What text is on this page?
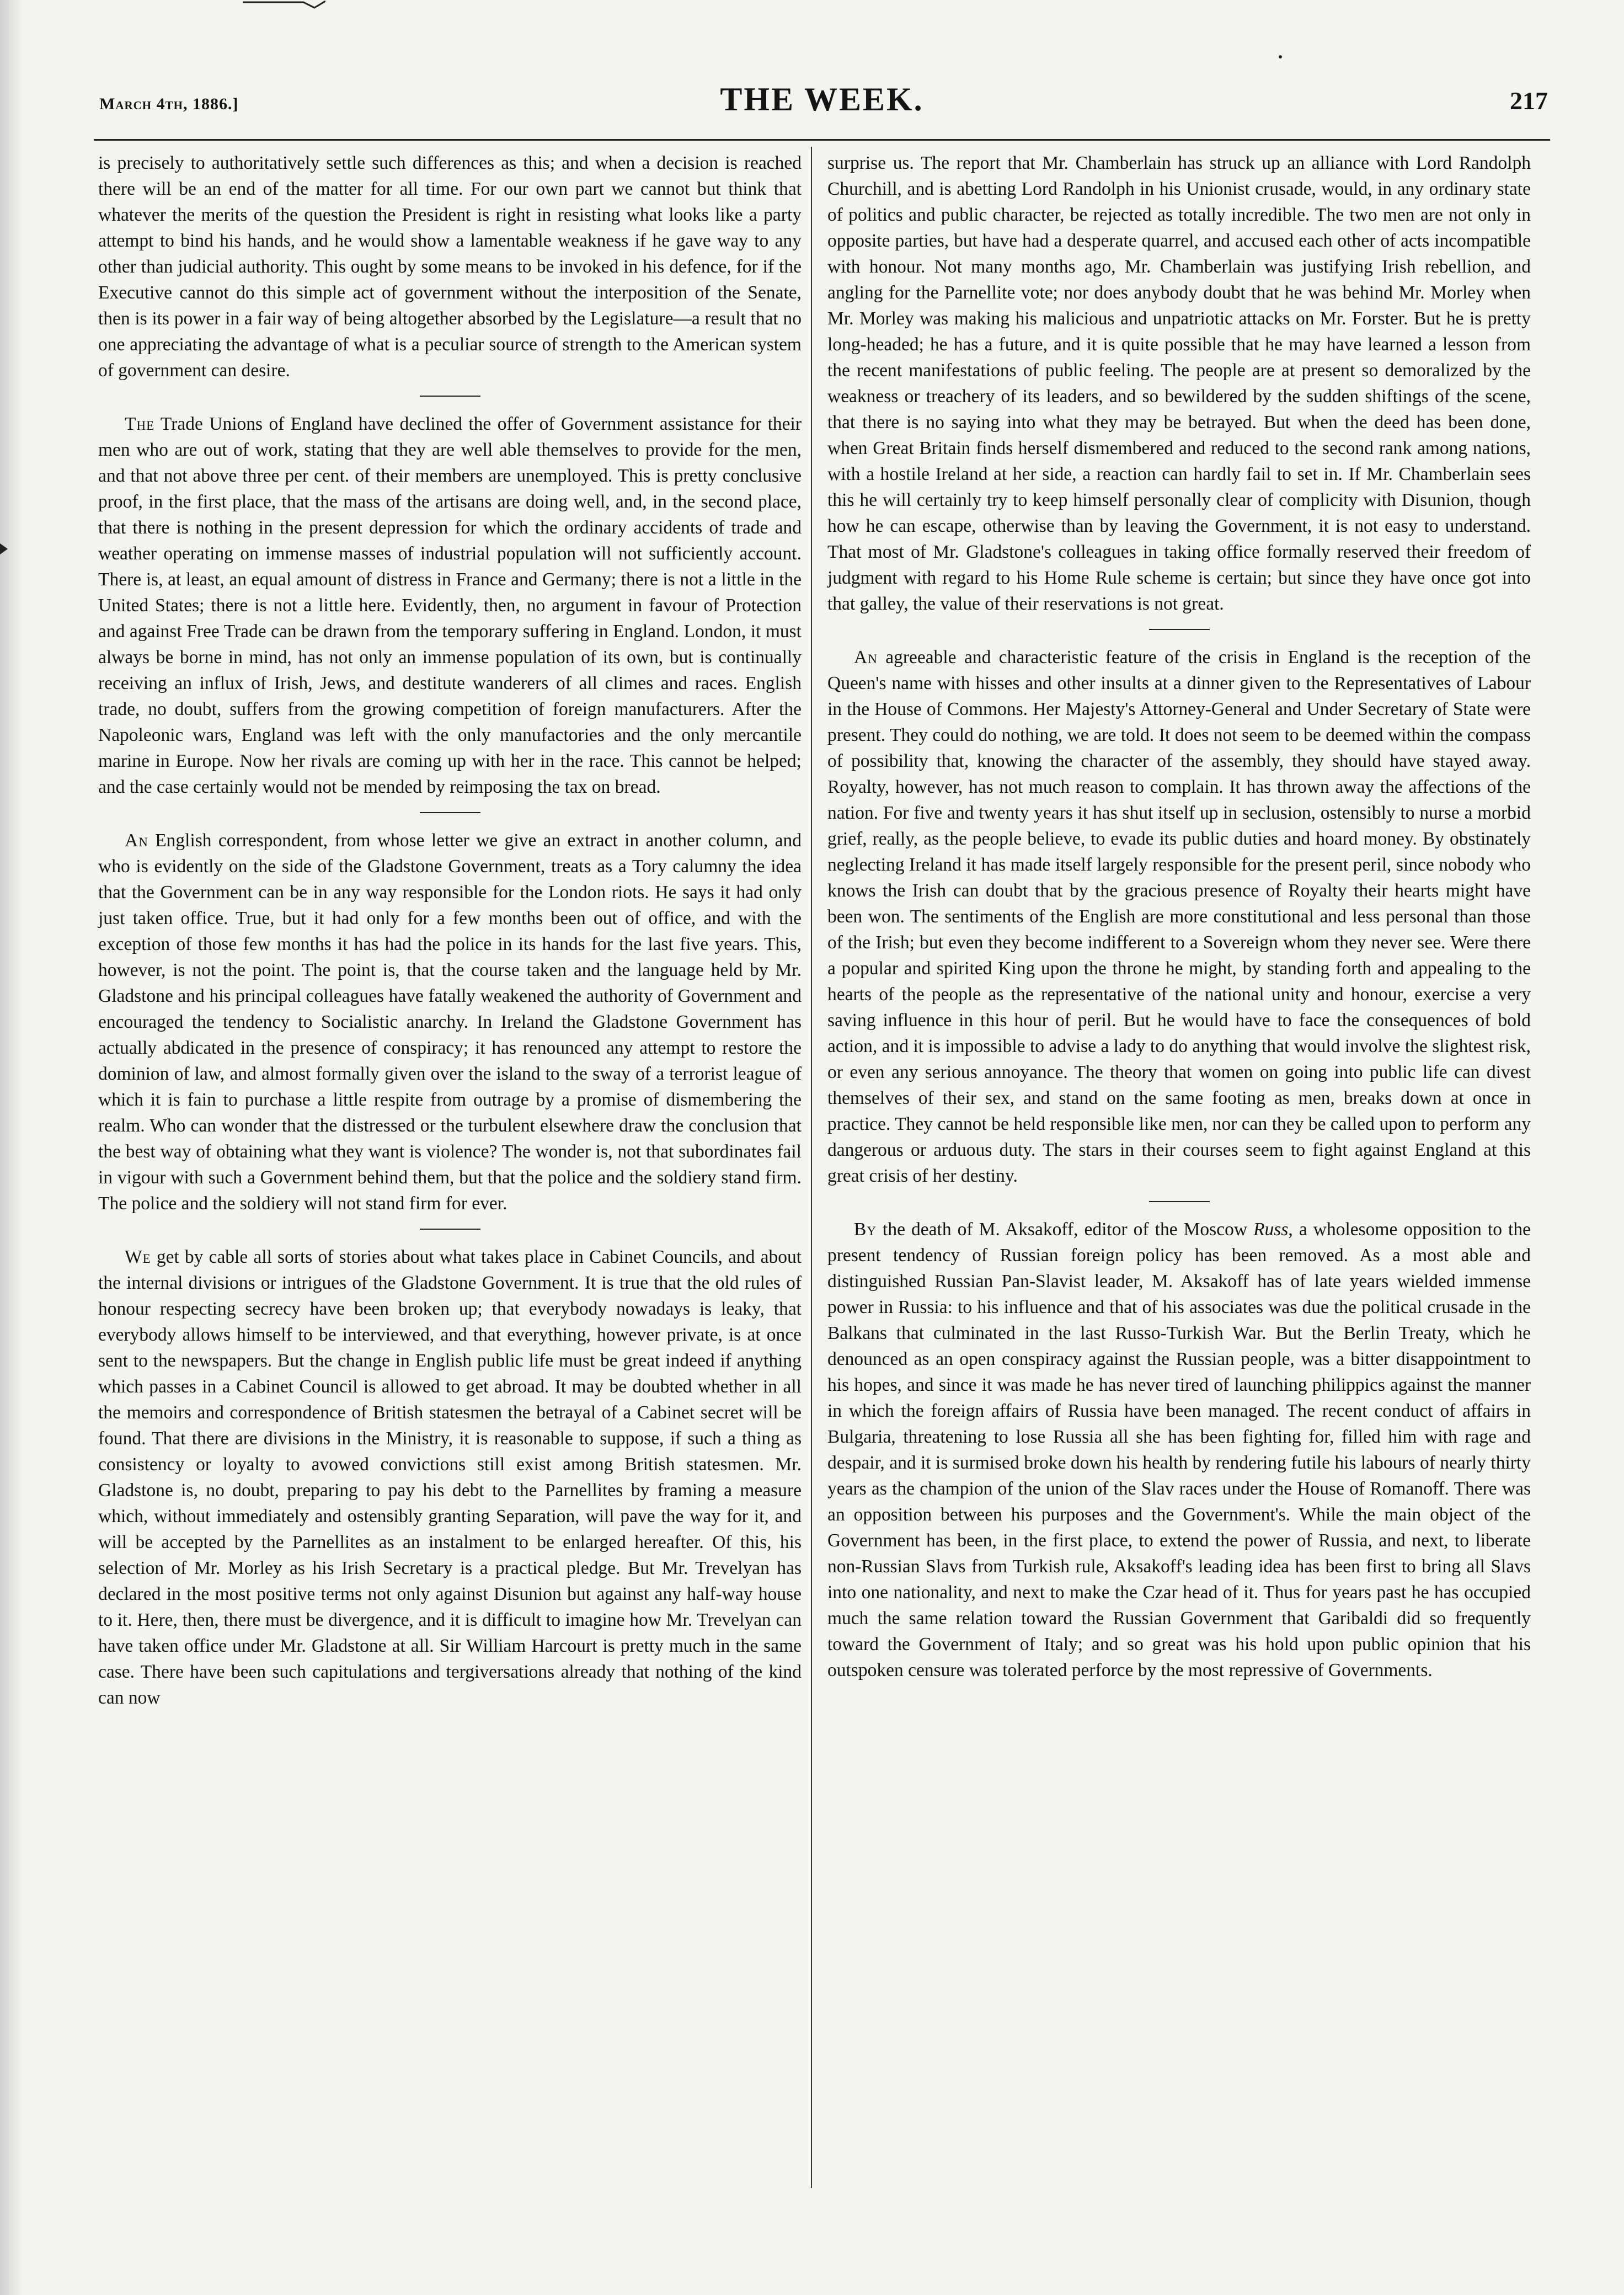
March 4th, 1886.]	THE WEEK.	217

is precisely to authoritatively settle such differences as this; and when a decision is reached there will be an end of the matter for all time. For our own part we cannot but think that whatever the merits of the question the President is right in resisting what looks like a party attempt to bind his hands, and he would show a lamentable weakness if he gave way to any other than judicial authority. This ought by some means to be invoked in his defence, for if the Executive cannot do this simple act of government without the interposition of the Senate, then is its power in a fair way of being altogether absorbed by the Legislature—a result that no one appreciating the advantage of what is a peculiar source of strength to the American system of government can desire.

The Trade Unions of England have declined the offer of Government assistance for their men who are out of work, stating that they are well able themselves to provide for the men, and that not above three per cent. of their members are unemployed. This is pretty conclusive proof, in the first place, that the mass of the artisans are doing well, and, in the second place, that there is nothing in the present depression for which the ordinary accidents of trade and weather operating on immense masses of industrial population will not sufficiently account. There is, at least, an equal amount of distress in France and Germany; there is not a little in the United States; there is not a little here. Evidently, then, no argument in favour of Protection and against Free Trade can be drawn from the temporary suffering in England. London, it must always be borne in mind, has not only an immense population of its own, but is continually receiving an influx of Irish, Jews, and destitute wanderers of all climes and races. English trade, no doubt, suffers from the growing competition of foreign manufacturers. After the Napoleonic wars, England was left with the only manufactories and the only mercantile marine in Europe. Now her rivals are coming up with her in the race. This cannot be helped; and the case certainly would not be mended by reimposing the tax on bread.

An English correspondent, from whose letter we give an extract in another column, and who is evidently on the side of the Gladstone Government, treats as a Tory calumny the idea that the Government can be in any way responsible for the London riots. He says it had only just taken office. True, but it had only for a few months been out of office, and with the exception of those few months it has had the police in its hands for the last five years. This, however, is not the point. The point is, that the course taken and the language held by Mr. Gladstone and his principal colleagues have fatally weakened the authority of Government and encouraged the tendency to Socialistic anarchy. In Ireland the Gladstone Government has actually abdicated in the presence of conspiracy; it has renounced any attempt to restore the dominion of law, and almost formally given over the island to the sway of a terrorist league of which it is fain to purchase a little respite from outrage by a promise of dismembering the realm. Who can wonder that the distressed or the turbulent elsewhere draw the conclusion that the best way of obtaining what they want is violence? The wonder is, not that subordinates fail in vigour with such a Government behind them, but that the police and the soldiery stand firm. The police and the soldiery will not stand firm for ever.

We get by cable all sorts of stories about what takes place in Cabinet Councils, and about the internal divisions or intrigues of the Gladstone Government. It is true that the old rules of honour respecting secrecy have been broken up; that everybody nowadays is leaky, that everybody allows himself to be interviewed, and that everything, however private, is at once sent to the newspapers. But the change in English public life must be great indeed if anything which passes in a Cabinet Council is allowed to get abroad. It may be doubted whether in all the memoirs and correspondence of British statesmen the betrayal of a Cabinet secret will be found. That there are divisions in the Ministry, it is reasonable to suppose, if such a thing as consistency or loyalty to avowed convictions still exist among British statesmen. Mr. Gladstone is, no doubt, preparing to pay his debt to the Parnellites by framing a measure which, without immediately and ostensibly granting Separation, will pave the way for it, and will be accepted by the Parnellites as an instalment to be enlarged hereafter. Of this, his selection of Mr. Morley as his Irish Secretary is a practical pledge. But Mr. Trevelyan has declared in the most positive terms not only against Disunion but against any half-way house to it. Here, then, there must be divergence, and it is difficult to imagine how Mr. Trevelyan can have taken office under Mr. Gladstone at all. Sir William Harcourt is pretty much in the same case. There have been such capitulations and tergiversations already that nothing of the kind can now

surprise us. The report that Mr. Chamberlain has struck up an alliance with Lord Randolph Churchill, and is abetting Lord Randolph in his Unionist crusade, would, in any ordinary state of politics and public character, be rejected as totally incredible. The two men are not only in opposite parties, but have had a desperate quarrel, and accused each other of acts incompatible with honour. Not many months ago, Mr. Chamberlain was justifying Irish rebellion, and angling for the Parnellite vote; nor does anybody doubt that he was behind Mr. Morley when Mr. Morley was making his malicious and unpatriotic attacks on Mr. Forster. But he is pretty long-headed; he has a future, and it is quite possible that he may have learned a lesson from the recent manifestations of public feeling. The people are at present so demoralized by the weakness or treachery of its leaders, and so bewildered by the sudden shiftings of the scene, that there is no saying into what they may be betrayed. But when the deed has been done, when Great Britain finds herself dismembered and reduced to the second rank among nations, with a hostile Ireland at her side, a reaction can hardly fail to set in. If Mr. Chamberlain sees this he will certainly try to keep himself personally clear of complicity with Disunion, though how he can escape, otherwise than by leaving the Government, it is not easy to understand. That most of Mr. Gladstone's colleagues in taking office formally reserved their freedom of judgment with regard to his Home Rule scheme is certain; but since they have once got into that galley, the value of their reservations is not great.

An agreeable and characteristic feature of the crisis in England is the reception of the Queen's name with hisses and other insults at a dinner given to the Representatives of Labour in the House of Commons. Her Majesty's Attorney-General and Under Secretary of State were present. They could do nothing, we are told. It does not seem to be deemed within the compass of possibility that, knowing the character of the assembly, they should have stayed away. Royalty, however, has not much reason to complain. It has thrown away the affections of the nation. For five and twenty years it has shut itself up in seclusion, ostensibly to nurse a morbid grief, really, as the people believe, to evade its public duties and hoard money. By obstinately neglecting Ireland it has made itself largely responsible for the present peril, since nobody who knows the Irish can doubt that by the gracious presence of Royalty their hearts might have been won. The sentiments of the English are more constitutional and less personal than those of the Irish; but even they become indifferent to a Sovereign whom they never see. Were there a popular and spirited King upon the throne he might, by standing forth and appealing to the hearts of the people as the representative of the national unity and honour, exercise a very saving influence in this hour of peril. But he would have to face the consequences of bold action, and it is impossible to advise a lady to do anything that would involve the slightest risk, or even any serious annoyance. The theory that women on going into public life can divest themselves of their sex, and stand on the same footing as men, breaks down at once in practice. They cannot be held responsible like men, nor can they be called upon to perform any dangerous or arduous duty. The stars in their courses seem to fight against England at this great crisis of her destiny.

By the death of M. Aksakoff, editor of the Moscow Russ, a wholesome opposition to the present tendency of Russian foreign policy has been removed. As a most able and distinguished Russian Pan-Slavist leader, M. Aksakoff has of late years wielded immense power in Russia: to his influence and that of his associates was due the political crusade in the Balkans that culminated in the last Russo-Turkish War. But the Berlin Treaty, which he denounced as an open conspiracy against the Russian people, was a bitter disappointment to his hopes, and since it was made he has never tired of launching philippics against the manner in which the foreign affairs of Russia have been managed. The recent conduct of affairs in Bulgaria, threatening to lose Russia all she has been fighting for, filled him with rage and despair, and it is surmised broke down his health by rendering futile his labours of nearly thirty years as the champion of the union of the Slav races under the House of Romanoff. There was an opposition between his purposes and the Government's. While the main object of the Government has been, in the first place, to extend the power of Russia, and next, to liberate non-Russian Slavs from Turkish rule, Aksakoff's leading idea has been first to bring all Slavs into one nationality, and next to make the Czar head of it. Thus for years past he has occupied much the same relation toward the Russian Government that Garibaldi did so frequently toward the Government of Italy; and so great was his hold upon public opinion that his outspoken censure was tolerated perforce by the most repressive of Governments.
